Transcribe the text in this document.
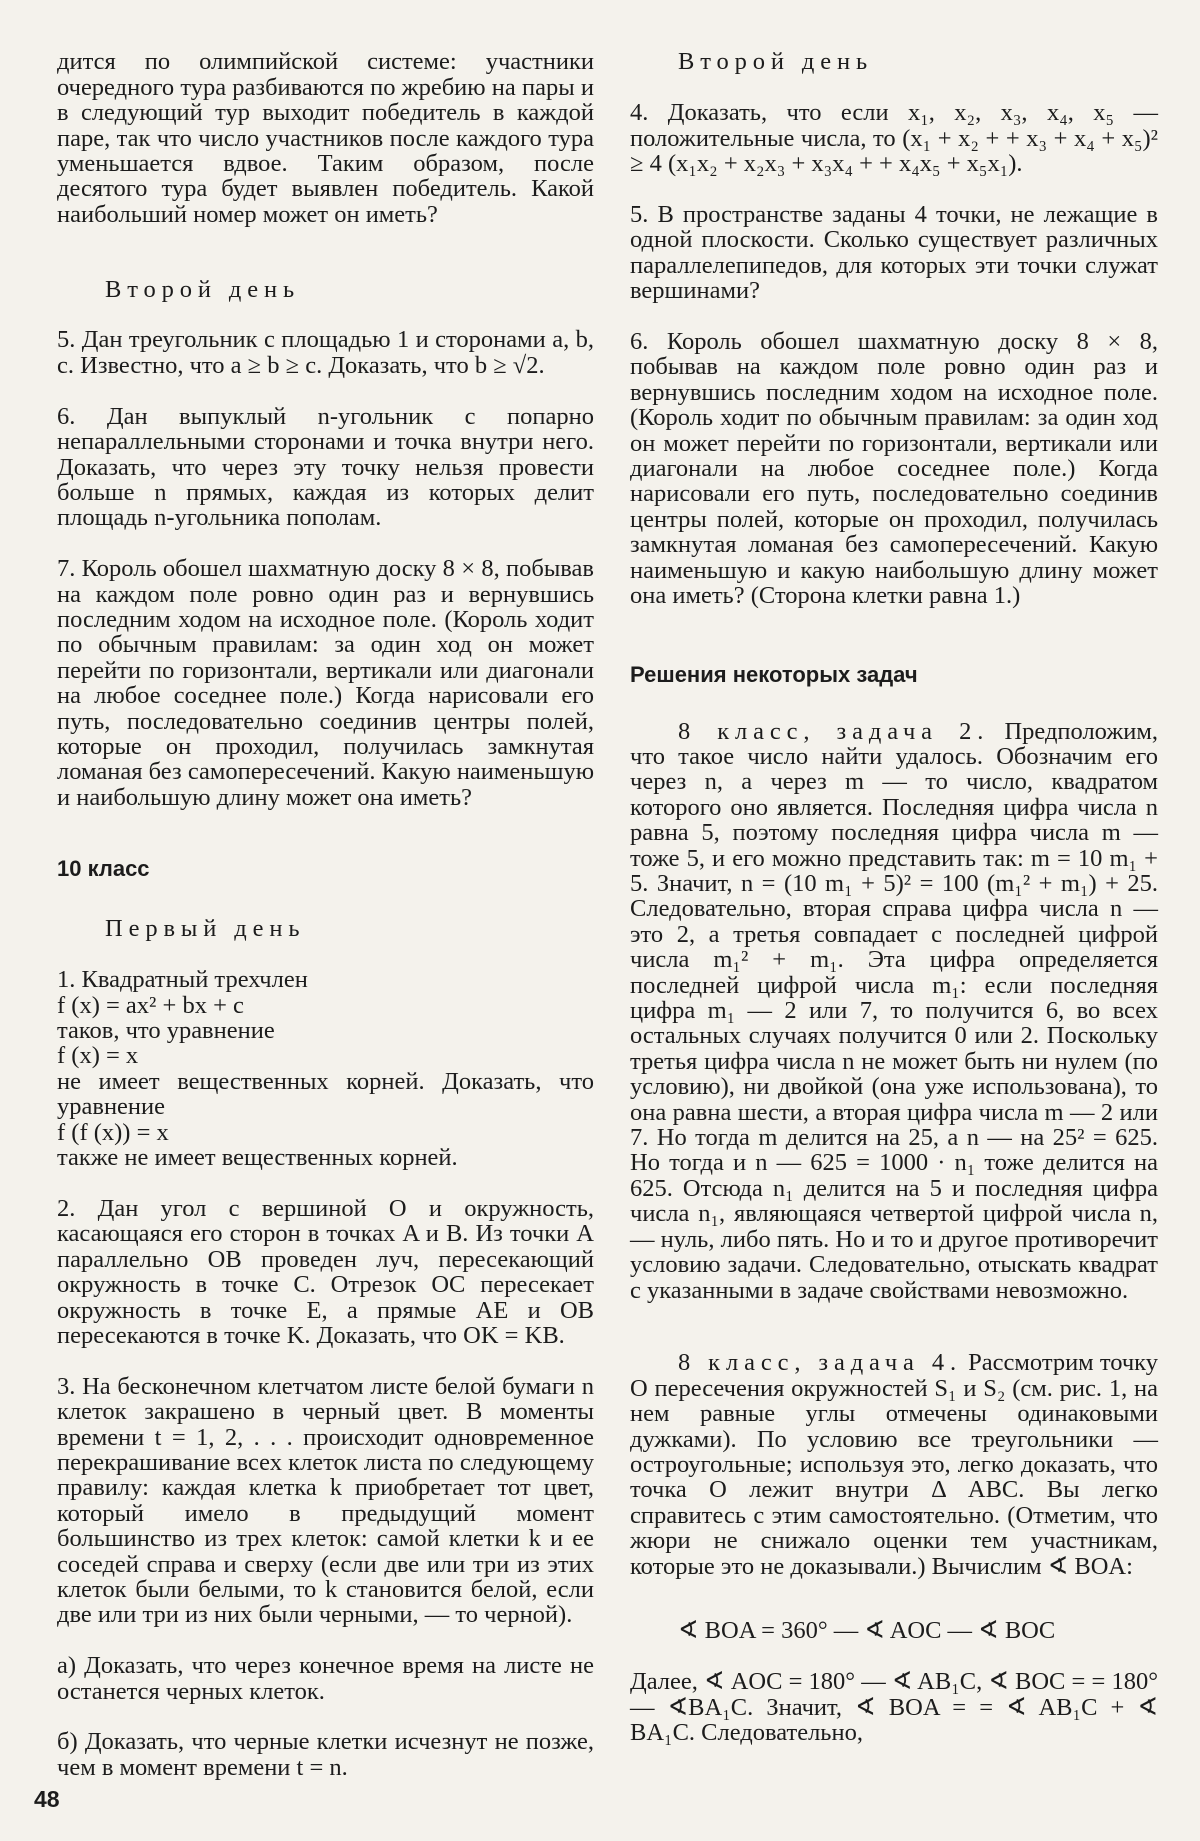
дится по олимпийской системе: участники очередного тура разбиваются по жребию на пары и в следующий тур выходит победитель в каждой паре, так что число участников после каждого тура уменьшается вдвое. Таким образом, после десятого тура будет выявлен победитель. Какой наибольший номер может он иметь?

Второй день

5. Дан треугольник с площадью 1 и сторонами a, b, c. Известно, что a ≥ b ≥ c. Доказать, что b ≥ √2.

6. Дан выпуклый n-угольник с попарно непараллельными сторонами и точка внутри него. Доказать, что через эту точку нельзя провести больше n прямых, каждая из которых делит площадь n-угольника пополам.

7. Король обошел шахматную доску 8 × 8, побывав на каждом поле ровно один раз и вернувшись последним ходом на исходное поле. (Король ходит по обычным правилам: за один ход он может перейти по горизонтали, вертикали или диагонали на любое соседнее поле.) Когда нарисовали его путь, последовательно соединив центры полей, которые он проходил, получилась замкнутая ломаная без самопересечений. Какую наименьшую и наибольшую длину может она иметь?

10 класс

Первый день

1. Квадратный трехчлен
f (x) = ax² + bx + c
таков, что уравнение
f (x) = x
не имеет вещественных корней. Доказать, что уравнение
f (f (x)) = x
также не имеет вещественных корней.

2. Дан угол с вершиной O и окружность, касающаяся его сторон в точках A и B. Из точки A параллельно OB проведен луч, пересекающий окружность в точке C. Отрезок OC пересекает окружность в точке E, а прямые AE и OB пересекаются в точке K. Доказать, что OK = KB.

3. На бесконечном клетчатом листе белой бумаги n клеток закрашено в черный цвет. В моменты времени t = 1, 2, . . . происходит одновременное перекрашивание всех клеток листа по следующему правилу: каждая клетка k приобретает тот цвет, который имело в предыдущий момент большинство из трех клеток: самой клетки k и ее соседей справа и сверху (если две или три из этих клеток были белыми, то k становится белой, если две или три из них были черными, — то черной).

а) Доказать, что через конечное время на листе не останется черных клеток.

б) Доказать, что черные клетки исчезнут не позже, чем в момент времени t = n.

Второй день

4. Доказать, что если x₁, x₂, x₃, x₄, x₅ — положительные числа, то (x₁ + x₂ + + x₃ + x₄ + x₅)² ≥ 4 (x₁x₂ + x₂x₃ + x₃x₄ + + x₄x₅ + x₅x₁).

5. В пространстве заданы 4 точки, не лежащие в одной плоскости. Сколько существует различных параллелепипедов, для которых эти точки служат вершинами?

6. Король обошел шахматную доску 8 × 8, побывав на каждом поле ровно один раз и вернувшись последним ходом на исходное поле. (Король ходит по обычным правилам: за один ход он может перейти по горизонтали, вертикали или диагонали на любое соседнее поле.) Когда нарисовали его путь, последовательно соединив центры полей, которые он проходил, получилась замкнутая ломаная без самопересечений. Какую наименьшую и какую наибольшую длину может она иметь? (Сторона клетки равна 1.)

Решения некоторых задач

8 класс, задача 2. Предположим, что такое число найти удалось. Обозначим его через n, а через m — то число, квадратом которого оно является. Последняя цифра числа n равна 5, поэтому последняя цифра числа m — тоже 5, и его можно представить так: m = 10 m₁ + 5. Значит, n = (10 m₁ + 5)² = 100 (m₁² + m₁) + 25. Следовательно, вторая справа цифра числа n — это 2, а третья совпадает с последней цифрой числа m₁² + m₁. Эта цифра определяется последней цифрой числа m₁: если последняя цифра m₁ — 2 или 7, то получится 6, во всех остальных случаях получится 0 или 2. Поскольку третья цифра числа n не может быть ни нулем (по условию), ни двойкой (она уже использована), то она равна шести, а вторая цифра числа m — 2 или 7. Но тогда m делится на 25, а n — на 25² = 625. Но тогда и n — 625 = 1000 · n₁ тоже делится на 625. Отсюда n₁ делится на 5 и последняя цифра числа n₁, являющаяся четвертой цифрой числа n, — нуль, либо пять. Но и то и другое противоречит условию задачи. Следовательно, отыскать квадрат с указанными в задаче свойствами невозможно.

8 класс, задача 4. Рассмотрим точку O пересечения окружностей S₁ и S₂ (см. рис. 1, на нем равные углы отмечены одинаковыми дужками). По условию все треугольники — остроугольные; используя это, легко доказать, что точка O лежит внутри Δ ABC. Вы легко справитесь с этим самостоятельно. (Отметим, что жюри не снижало оценки тем участникам, которые это не доказывали.) Вычислим ∢ BOA:

∢ BOA = 360° — ∢ AOC — ∢ BOC

Далее, ∢ AOC = 180° — ∢ AB₁C, ∢ BOC = = 180° — ∢BA₁C. Значит, ∢ BOA = = ∢ AB₁C + ∢ BA₁C. Следовательно,

48
